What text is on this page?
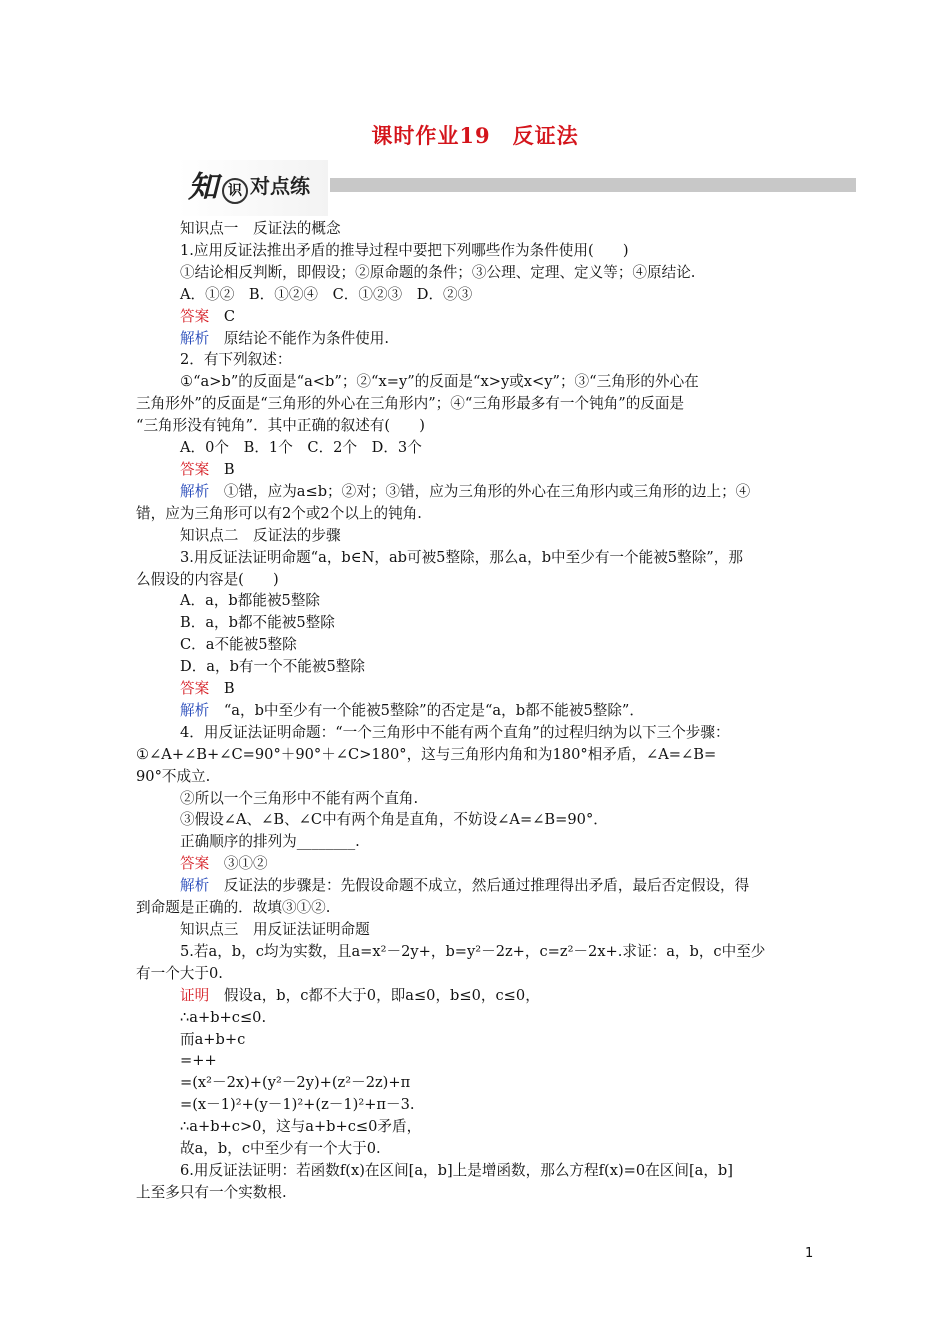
课时作业19　反证法
知 识 对点练
知识点一　反证法的概念
1.应用反证法推出矛盾的推导过程中要把下列哪些作为条件使用(　　)
①结论相反判断，即假设；②原命题的条件；③公理、定理、定义等；④原结论.
A．①②　B．①②④　C．①②③　D．②③
答案　 C
解析　 原结论不能作为条件使用.
2．有下列叙述：
①“a>b”的反面是“a<b”；②“x=y”的反面是“x>y或x<y”；③“三角形的外心在
三角形外”的反面是“三角形的外心在三角形内”；④“三角形最多有一个钝角”的反面是
“三角形没有钝角”．其中正确的叙述有(　　)
A．0个　B．1个　C．2个　D．3个
答案　 B
解析　 ①错，应为a≤b；②对；③错，应为三角形的外心在三角形内或三角形的边上；④
错，应为三角形可以有2个或2个以上的钝角.
知识点二　反证法的步骤
3.用反证法证明命题“a，b∈N，ab可被5整除，那么a，b中至少有一个能被5整除”，那
么假设的内容是(　　)
A．a，b都能被5整除
B．a，b都不能被5整除
C．a不能被5整除
D．a，b有一个不能被5整除
答案　 B
解析　 “a，b中至少有一个能被5整除”的否定是“a，b都不能被5整除”．
4．用反证法证明命题：“一个三角形中不能有两个直角”的过程归纳为以下三个步骤：
①∠A+∠B+∠C=90°＋90°＋∠C>180°，这与三角形内角和为180°相矛盾，∠A=∠B=
90°不成立.
②所以一个三角形中不能有两个直角.
③假设∠A、∠B、∠C中有两个角是直角，不妨设∠A=∠B=90°．
正确顺序的排列为________.
答案　 ③①②
解析　 反证法的步骤是：先假设命题不成立，然后通过推理得出矛盾，最后否定假设，得
到命题是正确的．故填③①②.
知识点三　用反证法证明命题
5.若a，b，c均为实数，且a=x²－2y+，b=y²－2z+，c=z²－2x+.求证：a，b，c中至少
有一个大于0.
证明　 假设a，b，c都不大于0，即a≤0，b≤0，c≤0，
∴a+b+c≤0.
而a+b+c
=++
=(x²－2x)+(y²－2y)+(z²－2z)+π
=(x－1)²+(y－1)²+(z－1)²+π－3.
∴a+b+c>0，这与a+b+c≤0矛盾，
故a，b，c中至少有一个大于0.
6.用反证法证明：若函数f(x)在区间[a，b]上是增函数，那么方程f(x)=0在区间[a，b]
上至多只有一个实数根.
1
